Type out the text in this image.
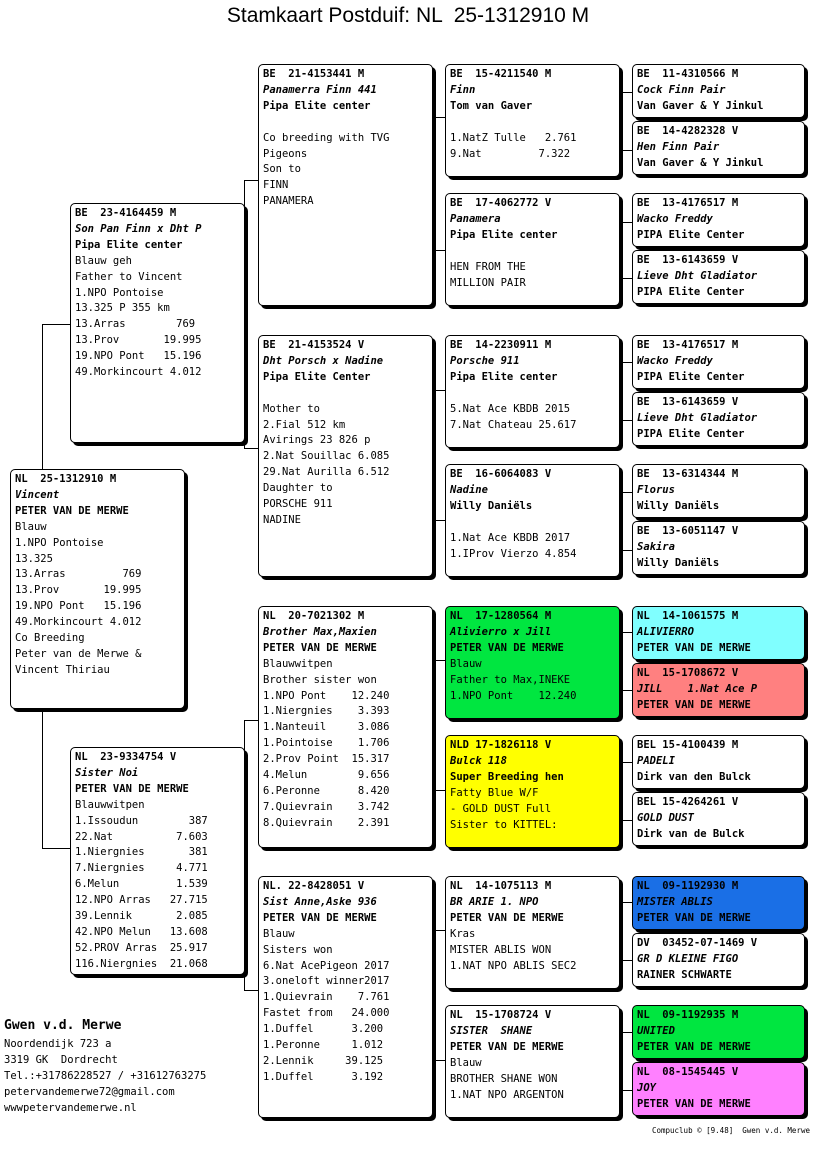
Stamkaart Postduif: NL  25-1312910 M
NL  25-1312910 M
Vincent
PETER VAN DE MERWE
Blauw
1.NPO Pontoise
13.325
13.Arras         769
13.Prov       19.995
19.NPO Pont   15.196
49.Morkincourt 4.012
Co Breeding
Peter van de Merwe &
Vincent Thiriau
BE  23-4164459 M
Son Pan Finn x Dht P
Pipa Elite center
Blauw geh
Father to Vincent
1.NPO Pontoise
13.325 P 355 km
13.Arras        769
13.Prov       19.995
19.NPO Pont   15.196
49.Morkincourt 4.012
NL  23-9334754 V
Sister Noi
PETER VAN DE MERWE
Blauwwitpen
1.Issoudun        387
22.Nat          7.603
1.Niergnies       381
7.Niergnies     4.771
6.Melun         1.539
12.NPO Arras   27.715
39.Lennik       2.085
42.NPO Melun   13.608
52.PROV Arras  25.917
116.Niergnies  21.068
BE  21-4153441 M
Panamerra Finn 441
Pipa Elite center
Co breeding with TVG
Pigeons
Son to
FINN
PANAMERA
BE  21-4153524 V
Dht Porsch x Nadine
Pipa Elite Center
Mother to
2.Fial 512 km
Avirings 23 826 p
2.Nat Souillac 6.085
29.Nat Aurilla 6.512
Daughter to
PORSCHE 911
NADINE
NL  20-7021302 M
Brother Max,Maxien
PETER VAN DE MERWE
Blauwwitpen
Brother sister won
1.NPO Pont    12.240
1.Niergnies    3.393
1.Nanteuil     3.086
1.Pointoise    1.706
2.Prov Point  15.317
4.Melun        9.656
6.Peronne      8.420
7.Quievrain    3.742
8.Quievrain    2.391
NL. 22-8428051 V
Sist Anne,Aske 936
PETER VAN DE MERWE
Blauw
Sisters won
6.Nat AcePigeon 2017
3.oneloft winner2017
1.Quievrain    7.761
Fastet from   24.000
1.Duffel      3.200
1.Peronne     1.012
2.Lennik     39.125
1.Duffel      3.192
BE  15-4211540 M
Finn
Tom van Gaver
1.NatZ Tulle   2.761
9.Nat         7.322
BE  17-4062772 V
Panamera
Pipa Elite center
HEN FROM THE
MILLION PAIR
BE  14-2230911 M
Porsche 911
Pipa Elite center
5.Nat Ace KBDB 2015
7.Nat Chateau 25.617
BE  16-6064083 V
Nadine
Willy Daniëls
1.Nat Ace KBDB 2017
1.IProv Vierzo 4.854
NL  17-1280564 M
Alivierro x Jill
PETER VAN DE MERWE
Blauw
Father to Max,INEKE
1.NPO Pont    12.240
NLD 17-1826118 V
Bulck 118
Super Breeding hen
Fatty Blue W/F
- GOLD DUST Full
Sister to KITTEL:
NL  14-1075113 M
BR ARIE 1. NPO
PETER VAN DE MERWE
Kras
MISTER ABLIS WON
1.NAT NPO ABLIS SEC2
NL  15-1708724 V
SISTER  SHANE
PETER VAN DE MERWE
Blauw
BROTHER SHANE WON
1.NAT NPO ARGENTON
BE  11-4310566 M
Cock Finn Pair
Van Gaver & Y Jinkul
BE  14-4282328 V
Hen Finn Pair
Van Gaver & Y Jinkul
BE  13-4176517 M
Wacko Freddy
PIPA Elite Center
BE  13-6143659 V
Lieve Dht Gladiator
PIPA Elite Center
BE  13-4176517 M
Wacko Freddy
PIPA Elite Center
BE  13-6143659 V
Lieve Dht Gladiator
PIPA Elite Center
BE  13-6314344 M
Florus
Willy Daniëls
BE  13-6051147 V
Sakira
Willy Daniëls
NL  14-1061575 M
ALIVIERRO
PETER VAN DE MERWE
NL  15-1708672 V
JILL    1.Nat Ace P
PETER VAN DE MERWE
BEL 15-4100439 M
PADELI
Dirk van den Bulck
BEL 15-4264261 V
GOLD DUST
Dirk van de Bulck
NL  09-1192930 M
MISTER ABLIS
PETER VAN DE MERWE
DV  03452-07-1469 V
GR D KLEINE FIGO
RAINER SCHWARTE
NL  09-1192935 M
UNITED
PETER VAN DE MERWE
NL  08-1545445 V
JOY
PETER VAN DE MERWE
Gwen v.d. Merwe
Noordendijk 723 a
3319 GK  Dordrecht
Tel.:+31786228527 / +31612763275
petervandemerwe72@gmail.com
wwwpetervandemerwe.nl
Compuclub © [9.48]  Gwen v.d. Merwe
